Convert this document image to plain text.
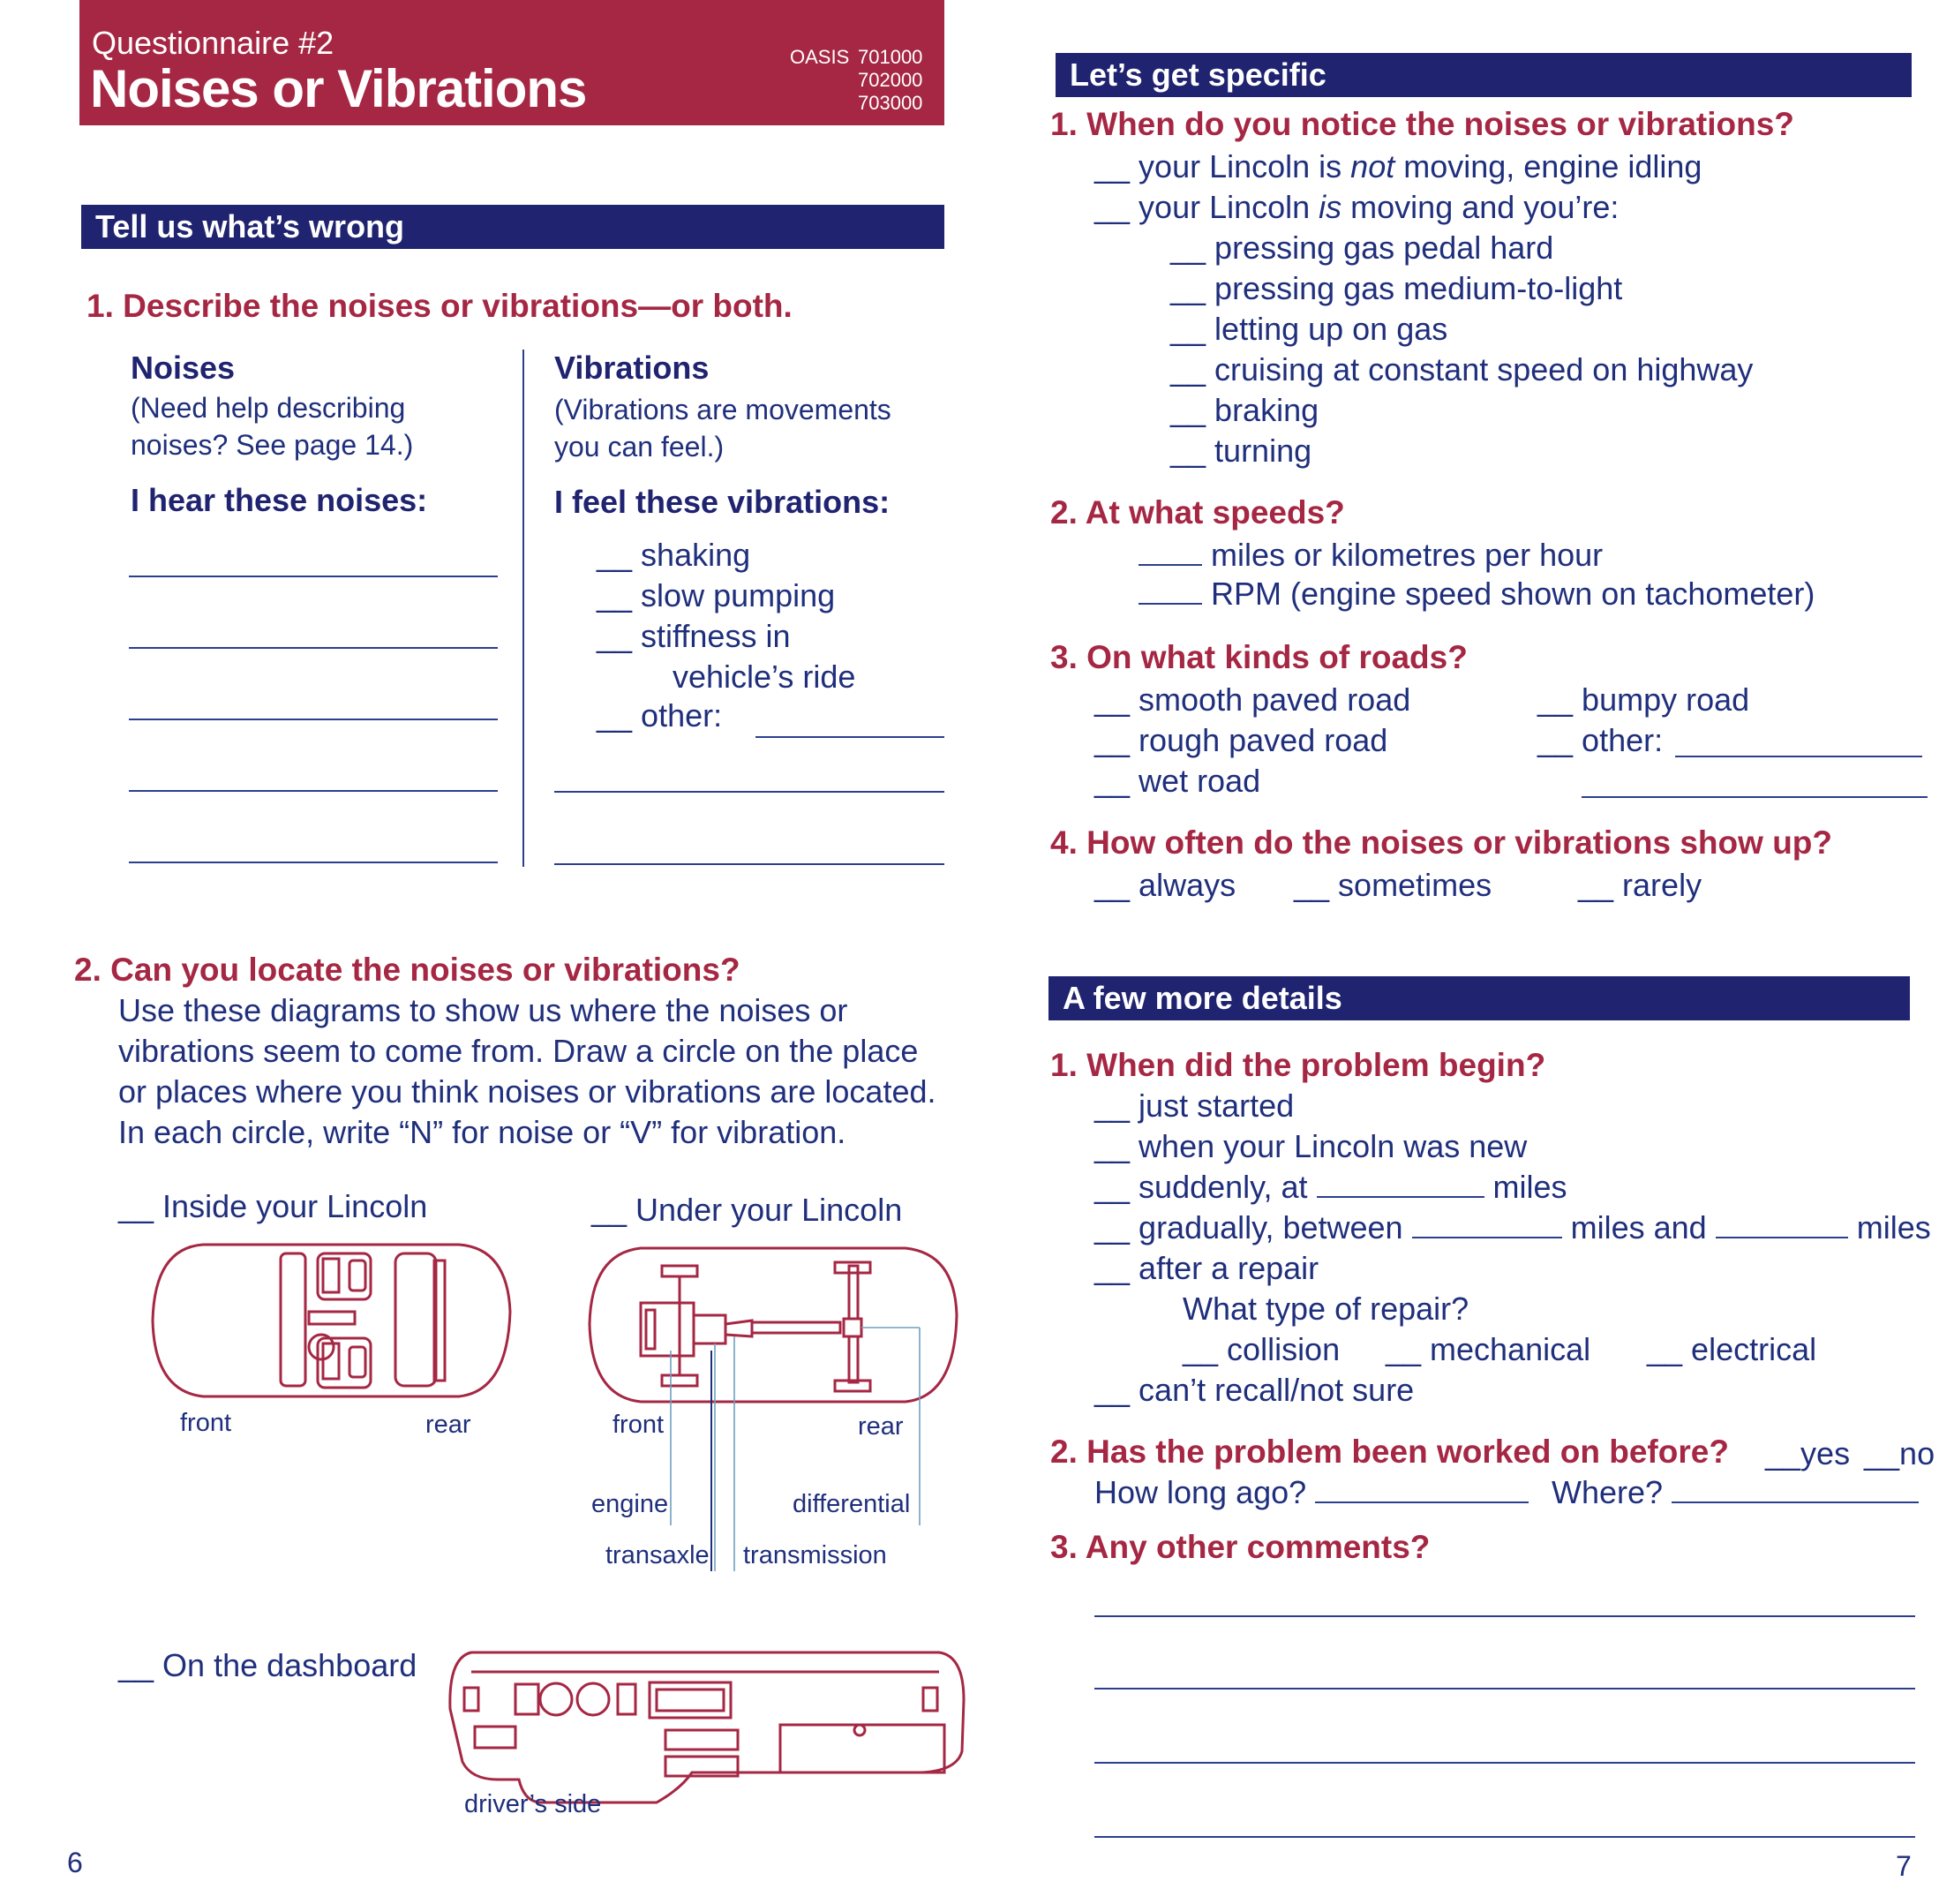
Questionnaire #2
Noises or Vibrations
OASIS 701000
702000
703000
Tell us what’s wrong
1. Describe the noises or vibrations—or both.
Noises
(Need help describing
noises? See page 14.)
I hear these noises:
Vibrations
(Vibrations are movements
you can feel.)
I feel these vibrations:
__ shaking
__ slow pumping
__ stiffness in
vehicle’s ride
__ other:
2. Can you locate the noises or vibrations?
Use these diagrams to show us where the noises or
vibrations seem to come from. Draw a circle on the place
or places where you think noises or vibrations are located.
In each circle, write “N” for noise or “V” for vibration.
__ Inside your Lincoln	__ Under your Lincoln
front	rear	front	rear
engine	differential
transaxle transmission
__ On the dashboard
driver’s side
6
Let’s get specific
1. When do you notice the noises or vibrations?
__ your Lincoln is not moving, engine idling
__ your Lincoln is moving and you’re:
__ pressing gas pedal hard
__ pressing gas medium-to-light
__ letting up on gas
__ cruising at constant speed on highway
__ braking
__ turning
2. At what speeds?
miles or kilometres per hour
RPM (engine speed shown on tachometer)
3. On what kinds of roads?
__ smooth paved road
__ rough paved road
__ wet road
__ bumpy road
__ other:
4. How often do the noises or vibrations show up?
__ always __ sometimes	__ rarely
A few more details
1. When did the problem begin?
__ just started
__ when your Lincoln was new
__ suddenly, at	miles
__ gradually, between	miles and	miles
__ after a repair
What type of repair?
__ collision __ mechanical __ electrical
__ can’t recall/not sure
2. Has the problem been worked on before? __yes __no
How long ago?	Where?
3. Any other comments?
7
